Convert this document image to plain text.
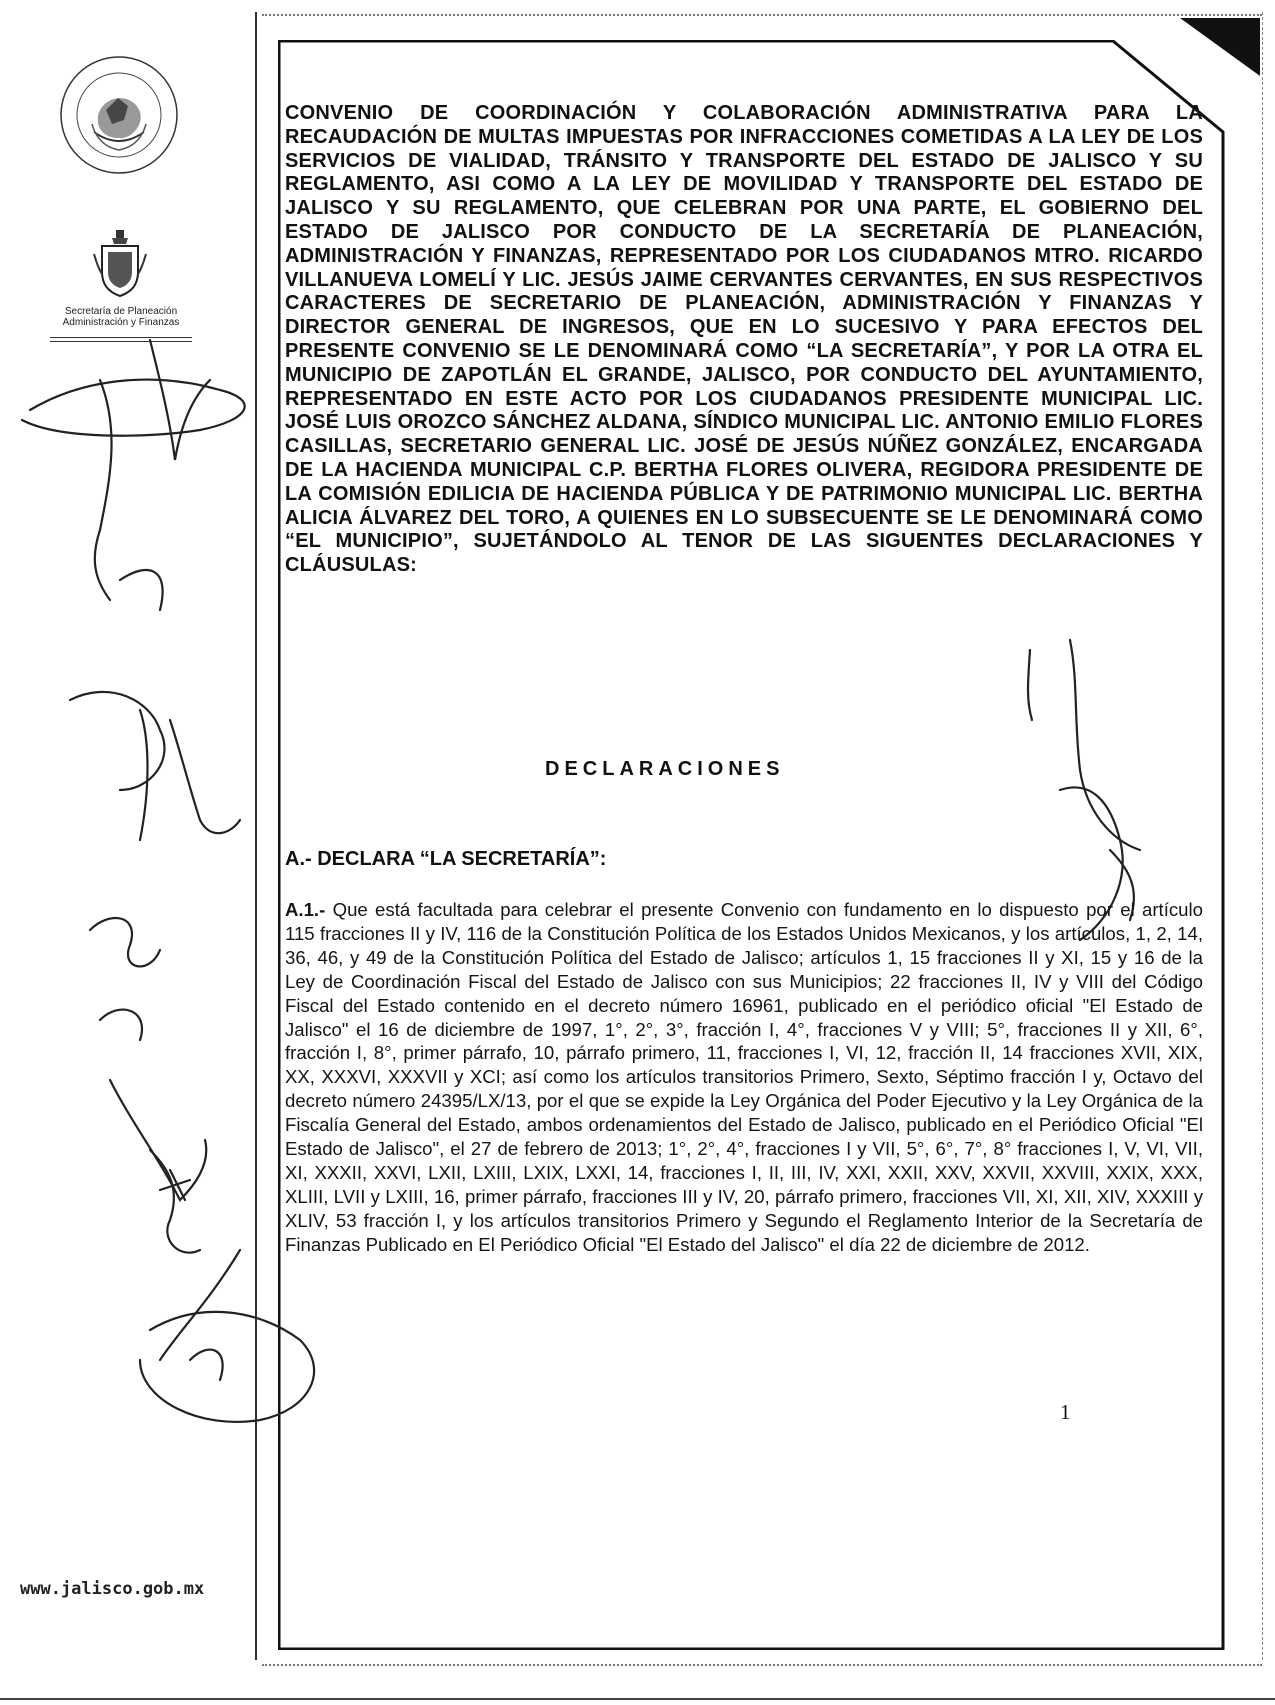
Secretaría de Planeación
Administración y Finanzas

CONVENIO DE COORDINACIÓN Y COLABORACIÓN ADMINISTRATIVA PARA LA RECAUDACIÓN DE MULTAS IMPUESTAS POR INFRACCIONES COMETIDAS A LA LEY DE LOS SERVICIOS DE VIALIDAD, TRÁNSITO Y TRANSPORTE DEL ESTADO DE JALISCO Y SU REGLAMENTO, ASI COMO A LA LEY DE MOVILIDAD Y TRANSPORTE DEL ESTADO DE JALISCO Y SU REGLAMENTO, QUE CELEBRAN POR UNA PARTE, EL GOBIERNO DEL ESTADO DE JALISCO POR CONDUCTO DE LA SECRETARÍA DE PLANEACIÓN, ADMINISTRACIÓN Y FINANZAS, REPRESENTADO POR LOS CIUDADANOS MTRO. RICARDO VILLANUEVA LOMELÍ Y LIC. JESÚS JAIME CERVANTES CERVANTES, EN SUS RESPECTIVOS CARACTERES DE SECRETARIO DE PLANEACIÓN, ADMINISTRACIÓN Y FINANZAS Y DIRECTOR GENERAL DE INGRESOS, QUE EN LO SUCESIVO Y PARA EFECTOS DEL PRESENTE CONVENIO SE LE DENOMINARÁ COMO “LA SECRETARÍA”, Y POR LA OTRA EL MUNICIPIO DE ZAPOTLÁN EL GRANDE, JALISCO, POR CONDUCTO DEL AYUNTAMIENTO, REPRESENTADO EN ESTE ACTO POR LOS CIUDADANOS PRESIDENTE MUNICIPAL LIC. JOSÉ LUIS OROZCO SÁNCHEZ ALDANA, SÍNDICO MUNICIPAL LIC. ANTONIO EMILIO FLORES CASILLAS, SECRETARIO GENERAL LIC. JOSÉ DE JESÚS NÚÑEZ GONZÁLEZ, ENCARGADA DE LA HACIENDA MUNICIPAL C.P. BERTHA FLORES OLIVERA, REGIDORA PRESIDENTE DE LA COMISIÓN EDILICIA DE HACIENDA PÚBLICA Y DE PATRIMONIO MUNICIPAL LIC. BERTHA ALICIA ÁLVAREZ DEL TORO, A QUIENES EN LO SUBSECUENTE SE LE DENOMINARÁ COMO “EL MUNICIPIO”, SUJETÁNDOLO AL TENOR DE LAS SIGUENTES DECLARACIONES Y CLÁUSULAS:

DECLARACIONES

A.- DECLARA “LA SECRETARÍA”:

A.1.- Que está facultada para celebrar el presente Convenio con fundamento en lo dispuesto por el artículo 115 fracciones II y IV, 116 de la Constitución Política de los Estados Unidos Mexicanos, y los artículos, 1, 2, 14, 36, 46, y 49 de la Constitución Política del Estado de Jalisco; artículos 1, 15 fracciones II y XI, 15 y 16 de la Ley de Coordinación Fiscal del Estado de Jalisco con sus Municipios; 22 fracciones II, IV y VIII del Código Fiscal del Estado contenido en el decreto número 16961, publicado en el periódico oficial "El Estado de Jalisco" el 16 de diciembre de 1997, 1°, 2°, 3°, fracción I, 4°, fracciones V y VIII; 5°, fracciones II y XII, 6°, fracción I, 8°, primer párrafo, 10, párrafo primero, 11, fracciones I, VI, 12, fracción II, 14 fracciones XVII, XIX, XX, XXXVI, XXXVII y XCI; así como los artículos transitorios Primero, Sexto, Séptimo fracción I y, Octavo del decreto número 24395/LX/13, por el que se expide la Ley Orgánica del Poder Ejecutivo y la Ley Orgánica de la Fiscalía General del Estado, ambos ordenamientos del Estado de Jalisco, publicado en el Periódico Oficial "El Estado de Jalisco", el 27 de febrero de 2013; 1°, 2°, 4°, fracciones I y VII, 5°, 6°, 7°, 8° fracciones I, V, VI, VII, XI, XXXII, XXVI, LXII, LXIII, LXIX, LXXI, 14, fracciones I, II, III, IV, XXI, XXII, XXV, XXVII, XXVIII, XXIX, XXX, XLIII, LVII y LXIII, 16, primer párrafo, fracciones III y IV, 20, párrafo primero, fracciones VII, XI, XII, XIV, XXXIII y XLIV, 53 fracción I, y los artículos transitorios Primero y Segundo el Reglamento Interior de la Secretaría de Finanzas Publicado en El Periódico Oficial "El Estado del Jalisco" el día 22 de diciembre de 2012.

1
www.jalisco.gob.mx
